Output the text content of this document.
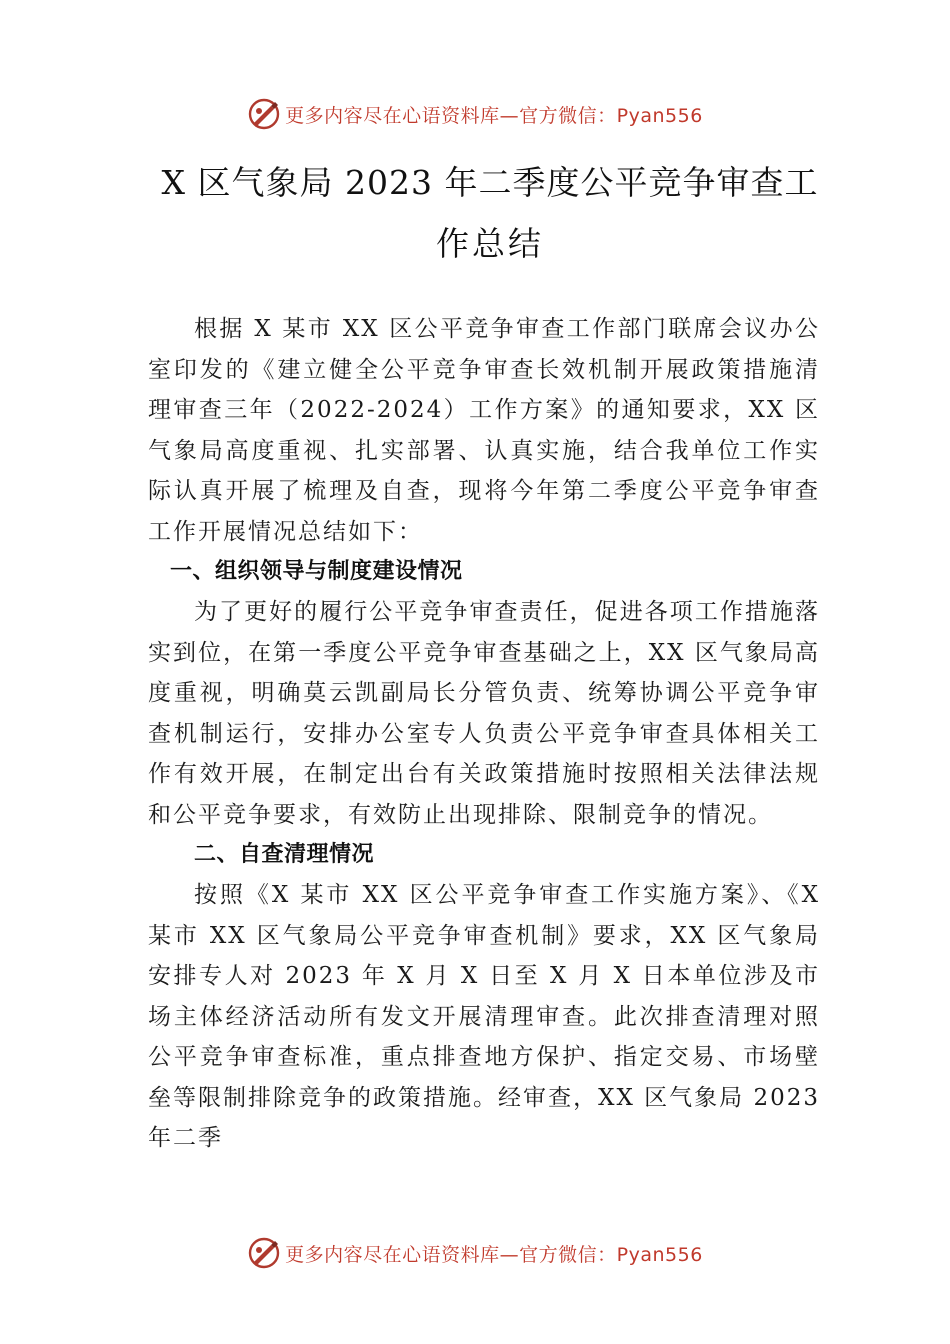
更多内容尽在心语资料库—官方微信：Pyan556
X 区气象局 2023 年二季度公平竞争审查工
作总结

根据 X 某市 XX 区公平竞争审查工作部门联席会议办公室印发的《建立健全公平竞争审查长效机制开展政策措施清理审查三年（2022-2024）工作方案》的通知要求，XX 区气象局高度重视、扎实部署、认真实施，结合我单位工作实际认真开展了梳理及自查，现将今年第二季度公平竞争审查工作开展情况总结如下：

一、组织领导与制度建设情况

为了更好的履行公平竞争审查责任，促进各项工作措施落实到位，在第一季度公平竞争审查基础之上，XX 区气象局高度重视，明确莫云凯副局长分管负责、统筹协调公平竞争审查机制运行，安排办公室专人负责公平竞争审查具体相关工作有效开展，在制定出台有关政策措施时按照相关法律法规和公平竞争要求，有效防止出现排除、限制竞争的情况。

二、自查清理情况

按照《X 某市 XX 区公平竞争审查工作实施方案》、《X 某市 XX 区气象局公平竞争审查机制》要求，XX 区气象局安排专人对 2023 年 X 月 X 日至 X 月 X 日本单位涉及市场主体经济活动所有发文开展清理审查。此次排查清理对照公平竞争审查标准，重点排查地方保护、指定交易、市场壁垒等限制排除竞争的政策措施。经审查，XX 区气象局 2023 年二季

更多内容尽在心语资料库—官方微信：Pyan556
